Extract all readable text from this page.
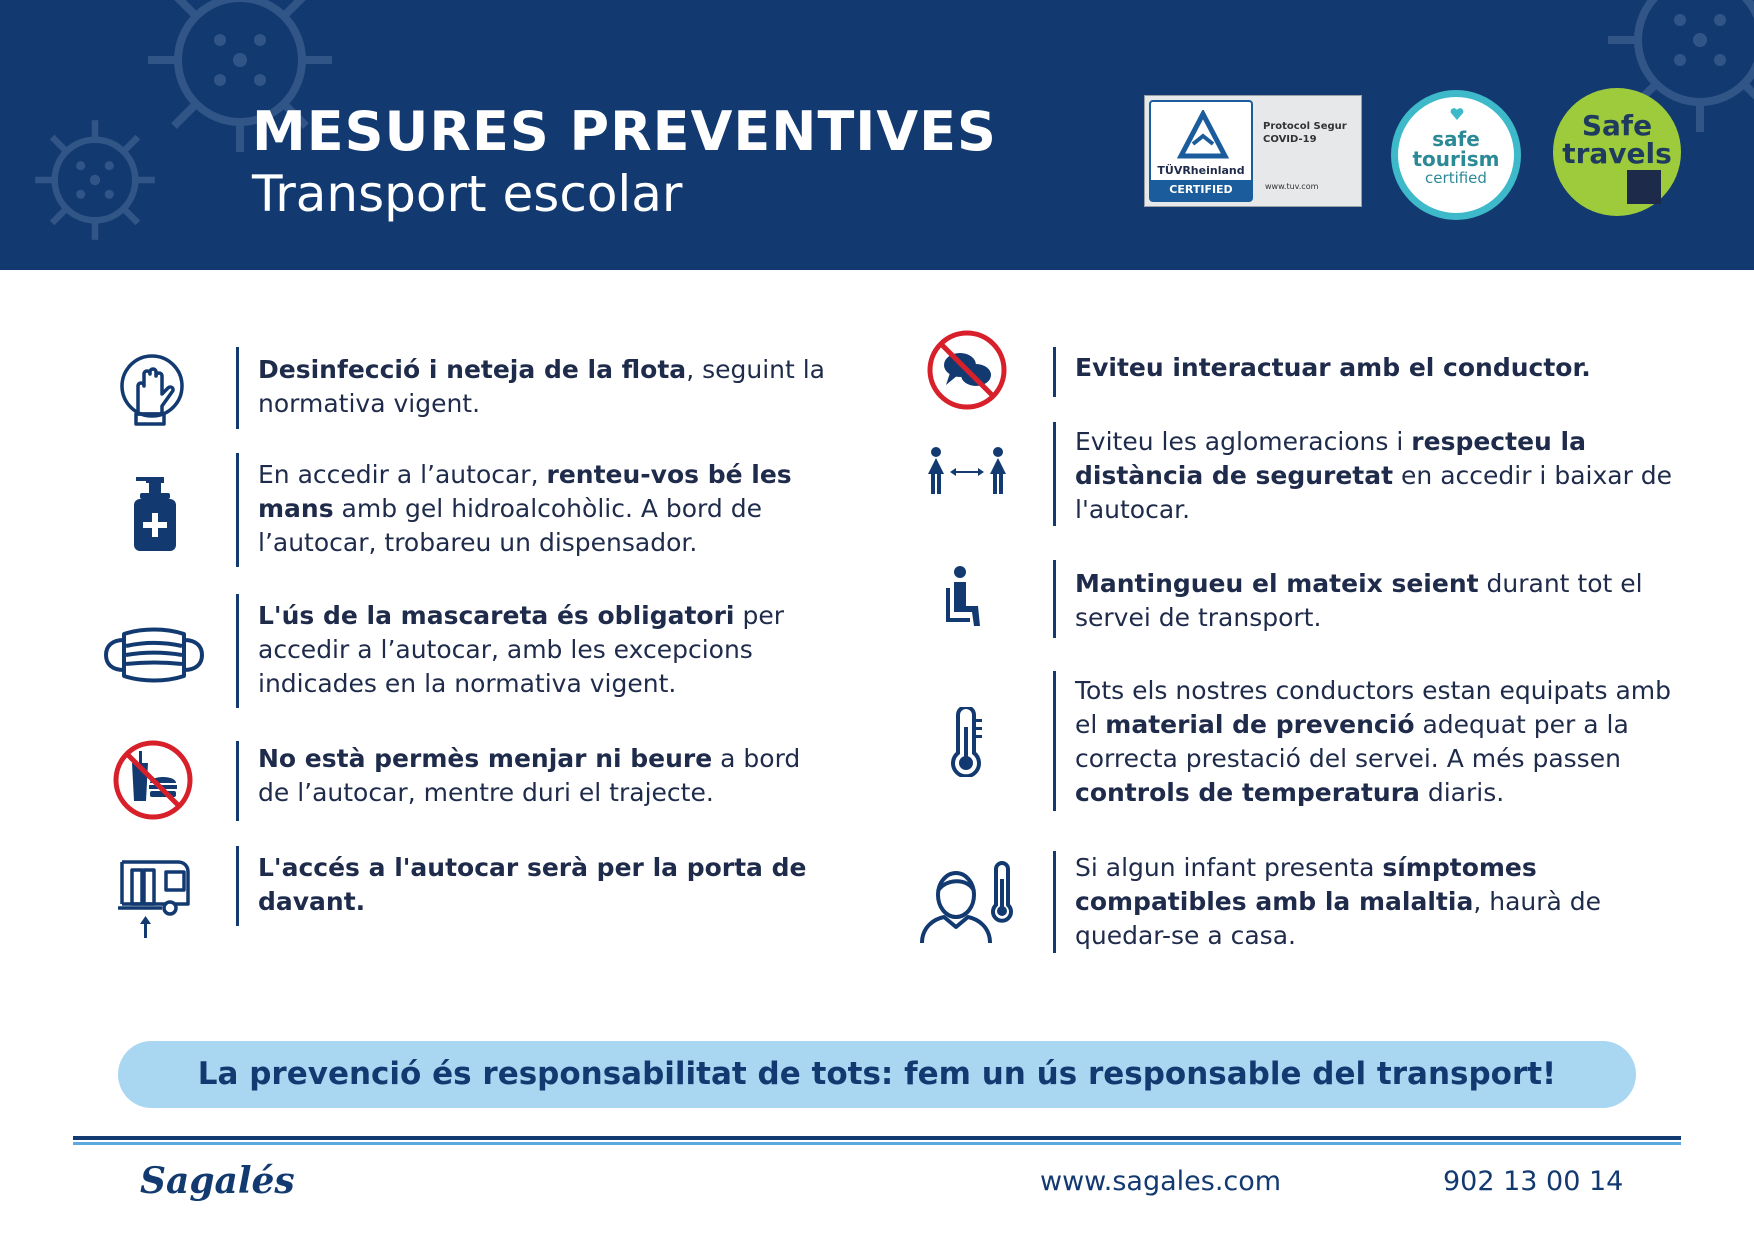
MESURES PREVENTIVES
Transport escolar	TÜVRheinland
CERTIFIED
Protocol Segur
COVID-19
www.tuv.com
safe
tourism
certified
Safe
travels
Desinfecció i neteja de la flota, seguint la normativa vigent.
En accedir a l’autocar, renteu-vos bé les mans amb gel hidroalcohòlic. A bord de l’autocar, trobareu un dispensador.
L'ús de la mascareta és obligatori per accedir a l’autocar, amb les excepcions indicades en la normativa vigent.
No està permès menjar ni beure a bord de l’autocar, mentre duri el trajecte.
L'accés a l'autocar serà per la porta de davant.
Eviteu interactuar amb el conductor.
Eviteu les aglomeracions i respecteu la distància de seguretat en accedir i baixar de l'autocar.
Mantingueu el mateix seient durant tot el servei de transport.
Tots els nostres conductors estan equipats amb el material de prevenció adequat per a la correcta prestació del servei. A més passen controls de temperatura diaris.
Si algun infant presenta símptomes compatibles amb la malaltia, haurà de quedar-se a casa.
La prevenció és responsabilitat de tots: fem un ús responsable del transport!
Sagalés	www.sagales.com	902 13 00 14
